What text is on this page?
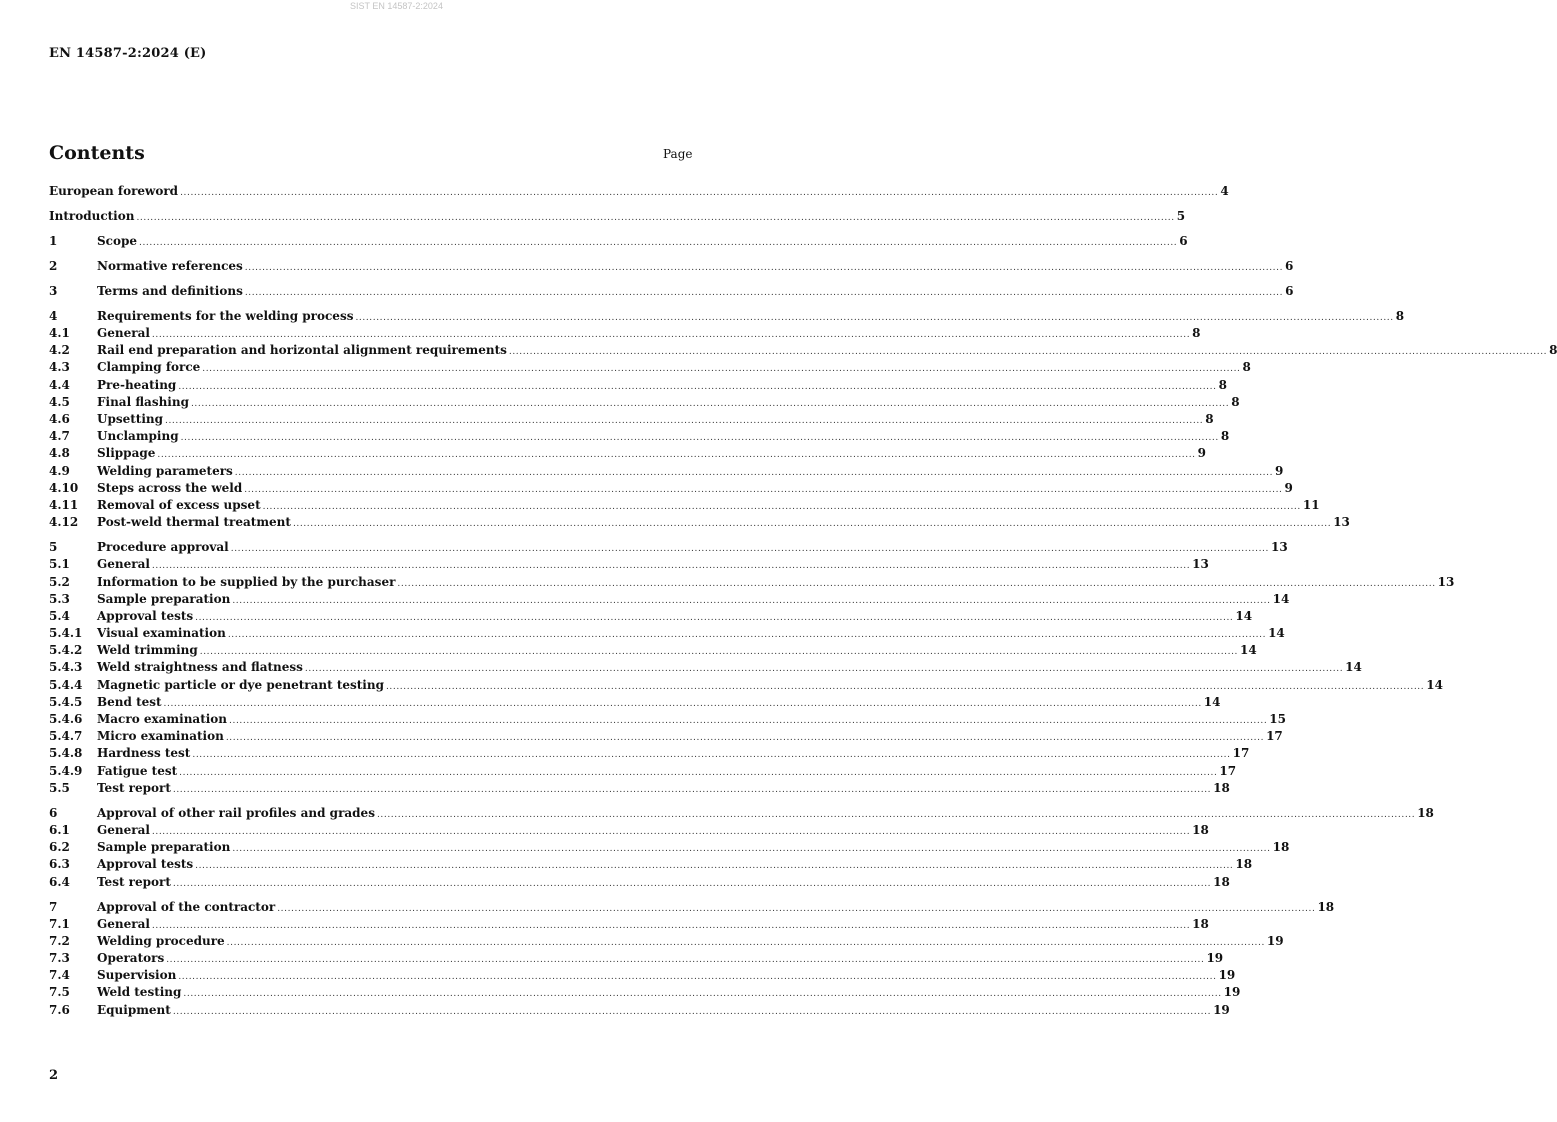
SIST EN 14587-2:2024
EN 14587-2:2024 (E)
Contents	Page
European foreword ............................................................................................................................................................................................................................................................................................................ 4
Introduction ............................................................................................................................................................................................................................................................................................................ 5
1	Scope ............................................................................................................................................................................................................................................................................................................ 6
2	Normative references ............................................................................................................................................................................................................................................................................................................ 6
3	Terms and definitions ............................................................................................................................................................................................................................................................................................................ 6
4	Requirements for the welding process ............................................................................................................................................................................................................................................................................................................ 8
4.1	General ............................................................................................................................................................................................................................................................................................................ 8
4.2	Rail end preparation and horizontal alignment requirements ............................................................................................................................................................................................................................................................................................................ 8
4.3	Clamping force ............................................................................................................................................................................................................................................................................................................ 8
4.4	Pre-heating ............................................................................................................................................................................................................................................................................................................ 8
4.5	Final flashing ............................................................................................................................................................................................................................................................................................................ 8
4.6	Upsetting ............................................................................................................................................................................................................................................................................................................ 8
4.7	Unclamping ............................................................................................................................................................................................................................................................................................................ 8
4.8	Slippage ............................................................................................................................................................................................................................................................................................................ 9
4.9	Welding parameters ............................................................................................................................................................................................................................................................................................................ 9
4.10	Steps across the weld ............................................................................................................................................................................................................................................................................................................ 9
4.11	Removal of excess upset ............................................................................................................................................................................................................................................................................................................ 11
4.12	Post-weld thermal treatment ............................................................................................................................................................................................................................................................................................................ 13
5	Procedure approval ............................................................................................................................................................................................................................................................................................................ 13
5.1	General ............................................................................................................................................................................................................................................................................................................ 13
5.2	Information to be supplied by the purchaser ............................................................................................................................................................................................................................................................................................................ 13
5.3	Sample preparation ............................................................................................................................................................................................................................................................................................................ 14
5.4	Approval tests ............................................................................................................................................................................................................................................................................................................ 14
5.4.1	Visual examination ............................................................................................................................................................................................................................................................................................................ 14
5.4.2	Weld trimming ............................................................................................................................................................................................................................................................................................................ 14
5.4.3	Weld straightness and flatness ............................................................................................................................................................................................................................................................................................................ 14
5.4.4	Magnetic particle or dye penetrant testing ............................................................................................................................................................................................................................................................................................................ 14
5.4.5	Bend test ............................................................................................................................................................................................................................................................................................................ 14
5.4.6	Macro examination ............................................................................................................................................................................................................................................................................................................ 15
5.4.7	Micro examination ............................................................................................................................................................................................................................................................................................................ 17
5.4.8	Hardness test ............................................................................................................................................................................................................................................................................................................ 17
5.4.9	Fatigue test ............................................................................................................................................................................................................................................................................................................ 17
5.5	Test report ............................................................................................................................................................................................................................................................................................................ 18
6	Approval of other rail profiles and grades ............................................................................................................................................................................................................................................................................................................ 18
6.1	General ............................................................................................................................................................................................................................................................................................................ 18
6.2	Sample preparation ............................................................................................................................................................................................................................................................................................................ 18
6.3	Approval tests ............................................................................................................................................................................................................................................................................................................ 18
6.4	Test report ............................................................................................................................................................................................................................................................................................................ 18
7	Approval of the contractor ............................................................................................................................................................................................................................................................................................................ 18
7.1	General ............................................................................................................................................................................................................................................................................................................ 18
7.2	Welding procedure ............................................................................................................................................................................................................................................................................................................ 19
7.3	Operators ............................................................................................................................................................................................................................................................................................................ 19
7.4	Supervision ............................................................................................................................................................................................................................................................................................................ 19
7.5	Weld testing ............................................................................................................................................................................................................................................................................................................ 19
7.6	Equipment ............................................................................................................................................................................................................................................................................................................ 19
2
